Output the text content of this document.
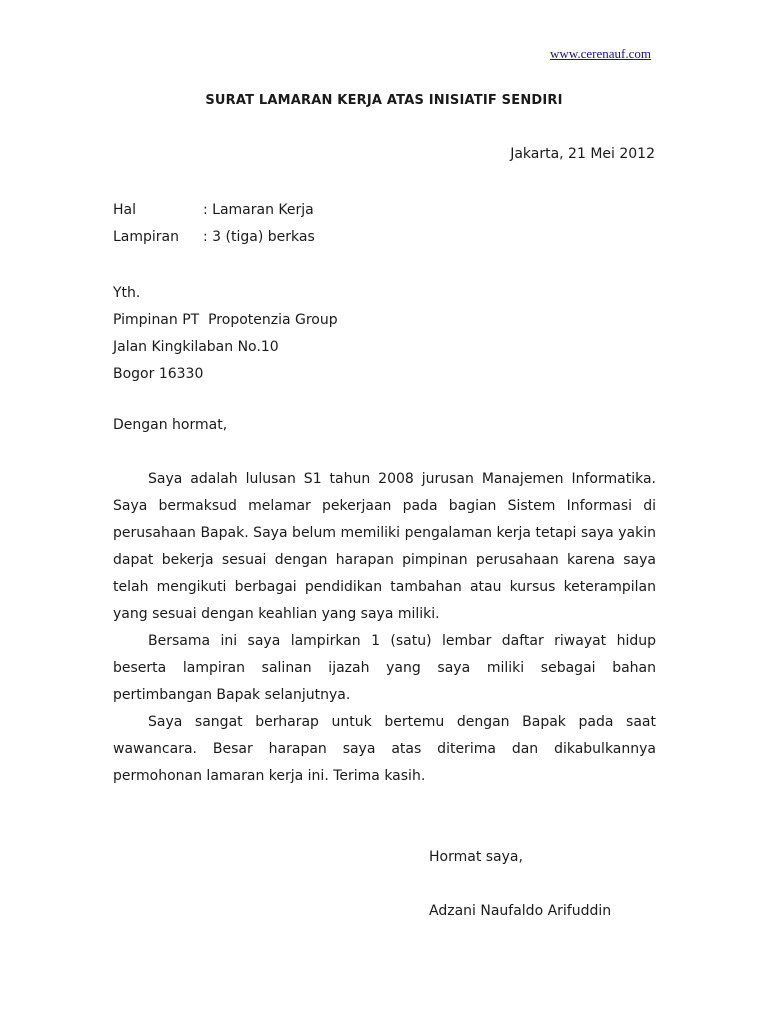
www.cerenauf.com
SURAT LAMARAN KERJA ATAS INISIATIF SENDIRI
Jakarta, 21 Mei 2012
Hal	: Lamaran Kerja
Lampiran : 3 (tiga) berkas
Yth.
Pimpinan PT  Propotenzia Group
Jalan Kingkilaban No.10
Bogor 16330
Dengan hormat,

Saya adalah lulusan S1 tahun 2008 jurusan Manajemen Informatika. Saya bermaksud melamar pekerjaan pada bagian Sistem Informasi di perusahaan Bapak. Saya belum memiliki pengalaman kerja tetapi saya yakin dapat bekerja sesuai dengan harapan pimpinan perusahaan karena saya telah mengikuti berbagai pendidikan tambahan atau kursus keterampilan yang sesuai dengan keahlian yang saya miliki.

Bersama ini saya lampirkan 1 (satu) lembar daftar riwayat hidup beserta lampiran salinan ijazah yang saya miliki sebagai bahan pertimbangan Bapak selanjutnya.

Saya sangat berharap untuk bertemu dengan Bapak pada saat wawancara. Besar harapan saya atas diterima dan dikabulkannya permohonan lamaran kerja ini. Terima kasih.

Hormat saya,
Adzani Naufaldo Arifuddin
